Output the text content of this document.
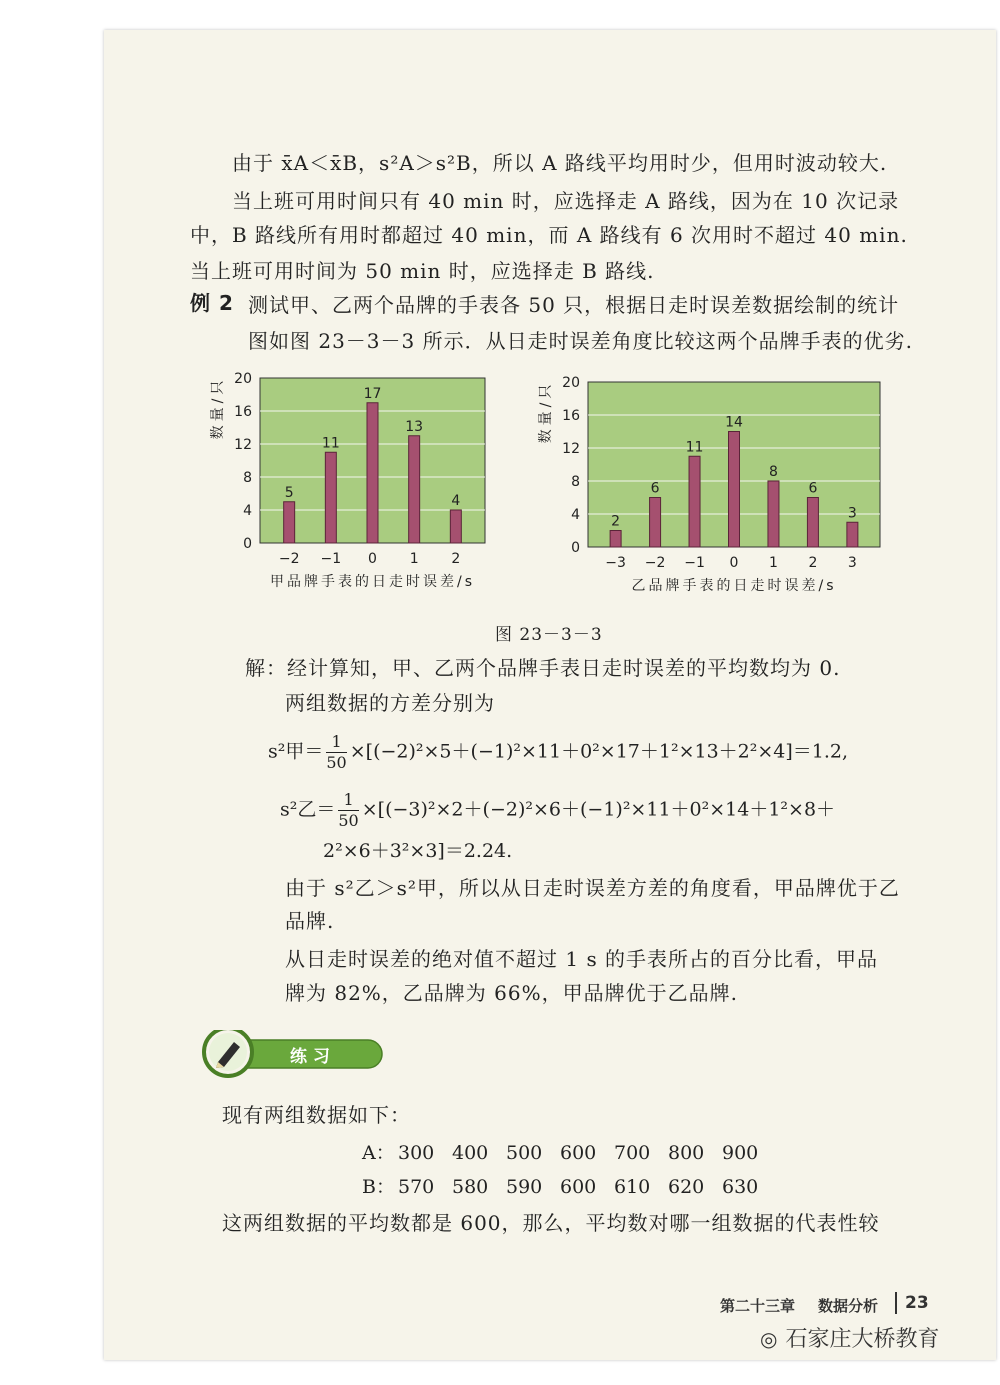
由于 x̄A＜x̄B，s²A＞s²B，所以 A 路线平均用时少，但用时波动较大.
当上班可用时间只有 40 min 时，应选择走 A 路线，因为在 10 次记录
中，B 路线所有用时都超过 40 min，而 A 路线有 6 次用时不超过 40 min.
当上班可用时间为 50 min 时，应选择走 B 路线.
例 2 测试甲、乙两个品牌的手表各 50 只，根据日走时误差数据绘制的统计
图如图 23－3－3 所示．从日走时误差角度比较这两个品牌手表的优劣.
0
4
8
12
16
20
5
−2
11
−1
17
0
13
1
4
2
甲品牌手表的日走时误差/s
数量/只
0
4
8
12
16
20
2
−3
6
−2
11
−1
14
0
8
1
6
2
3
3
乙品牌手表的日走时误差/s
数量/只
图 23－3－3
解：经计算知，甲、乙两个品牌手表日走时误差的平均数均为 0.
两组数据的方差分别为
s²甲＝ $\frac{1}{50} \times[(-2)^2\times 5+(-1)^2\times 11+0^2\times 17+1^2\times 13+2^2\times 4]=1.2$,
s²乙＝ $\frac{1}{50} \times[(-3)^2\times 2+(-2)^2\times 6+(-1)^2\times 11+0^2\times 14+1^2\times 8+$
2²×6＋3²×3]＝2.24.
由于 s²乙＞s²甲，所以从日走时误差方差的角度看，甲品牌优于乙
品牌.
从日走时误差的绝对值不超过 1 s 的手表所占的百分比看，甲品
牌为 82%，乙品牌为 66%，甲品牌优于乙品牌.
练 习
现有两组数据如下：
A： 300 400 500 600 700 800 900
B： 570 580 590 600 610 620 630
这两组数据的平均数都是 600，那么，平均数对哪一组数据的代表性较
第二十三章 数据分析 23
◎ 石家庄大桥教育
